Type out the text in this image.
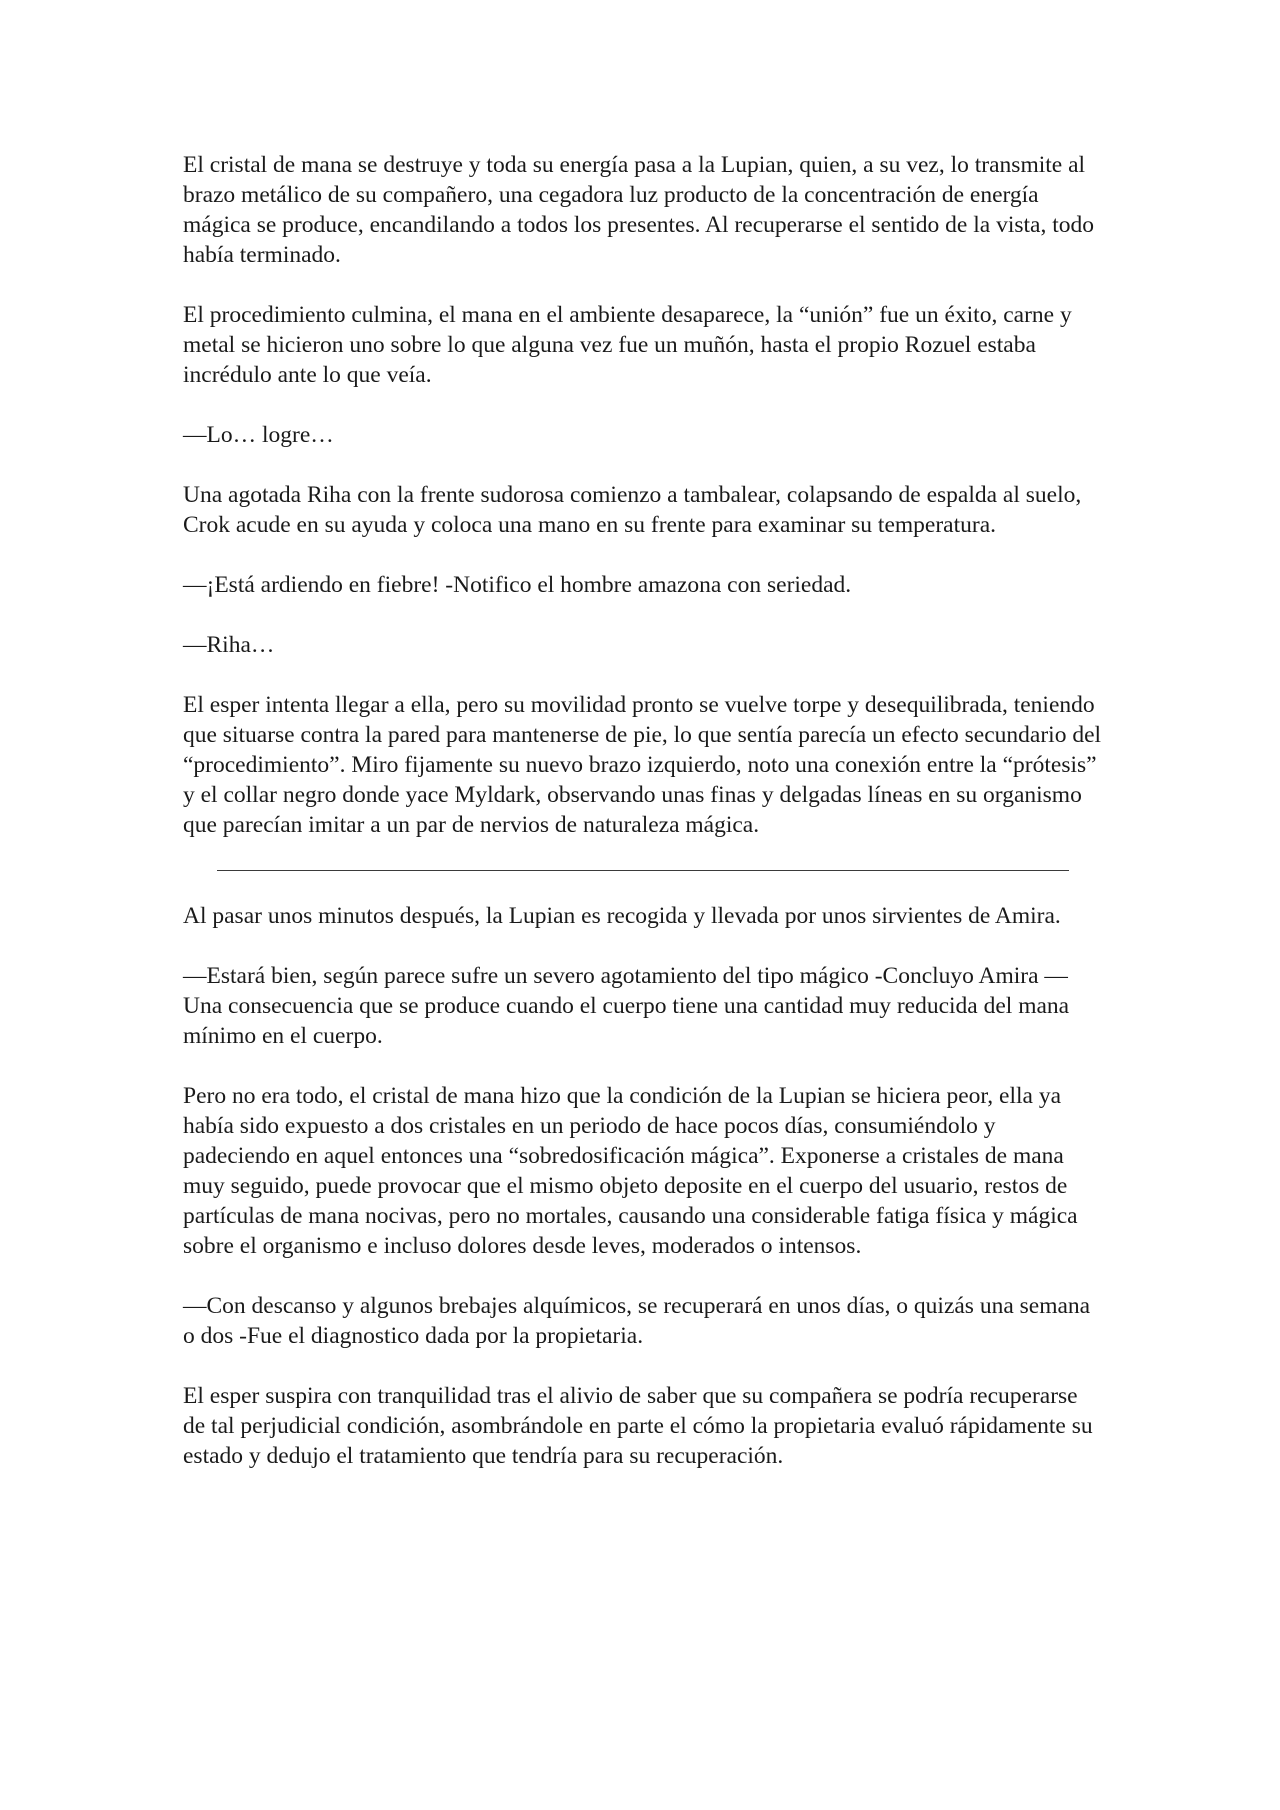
El cristal de mana se destruye y toda su energía pasa a la Lupian, quien, a su vez, lo transmite al brazo metálico de su compañero, una cegadora luz producto de la concentración de energía mágica se produce, encandilando a todos los presentes. Al recuperarse el sentido de la vista, todo había terminado.

El procedimiento culmina, el mana en el ambiente desaparece, la “unión” fue un éxito, carne y metal se hicieron uno sobre lo que alguna vez fue un muñón, hasta el propio Rozuel estaba incrédulo ante lo que veía.

—Lo… logre…

Una agotada Riha con la frente sudorosa comienzo a tambalear, colapsando de espalda al suelo, Crok acude en su ayuda y coloca una mano en su frente para examinar su temperatura.

—¡Está ardiendo en fiebre! -Notifico el hombre amazona con seriedad.

—Riha…

El esper intenta llegar a ella, pero su movilidad pronto se vuelve torpe y desequilibrada, teniendo que situarse contra la pared para mantenerse de pie, lo que sentía parecía un efecto secundario del “procedimiento”. Miro fijamente su nuevo brazo izquierdo, noto una conexión entre la “prótesis” y el collar negro donde yace Myldark, observando unas finas y delgadas líneas en su organismo que parecían imitar a un par de nervios de naturaleza mágica.

Al pasar unos minutos después, la Lupian es recogida y llevada por unos sirvientes de Amira.

—Estará bien, según parece sufre un severo agotamiento del tipo mágico -Concluyo Amira —Una consecuencia que se produce cuando el cuerpo tiene una cantidad muy reducida del mana mínimo en el cuerpo.

Pero no era todo, el cristal de mana hizo que la condición de la Lupian se hiciera peor, ella ya había sido expuesto a dos cristales en un periodo de hace pocos días, consumiéndolo y padeciendo en aquel entonces una “sobredosificación mágica”. Exponerse a cristales de mana muy seguido, puede provocar que el mismo objeto deposite en el cuerpo del usuario, restos de partículas de mana nocivas, pero no mortales, causando una considerable fatiga física y mágica sobre el organismo e incluso dolores desde leves, moderados o intensos.

—Con descanso y algunos brebajes alquímicos, se recuperará en unos días, o quizás una semana o dos -Fue el diagnostico dada por la propietaria.

El esper suspira con tranquilidad tras el alivio de saber que su compañera se podría recuperarse de tal perjudicial condición, asombrándole en parte el cómo la propietaria evaluó rápidamente su estado y dedujo el tratamiento que tendría para su recuperación.
